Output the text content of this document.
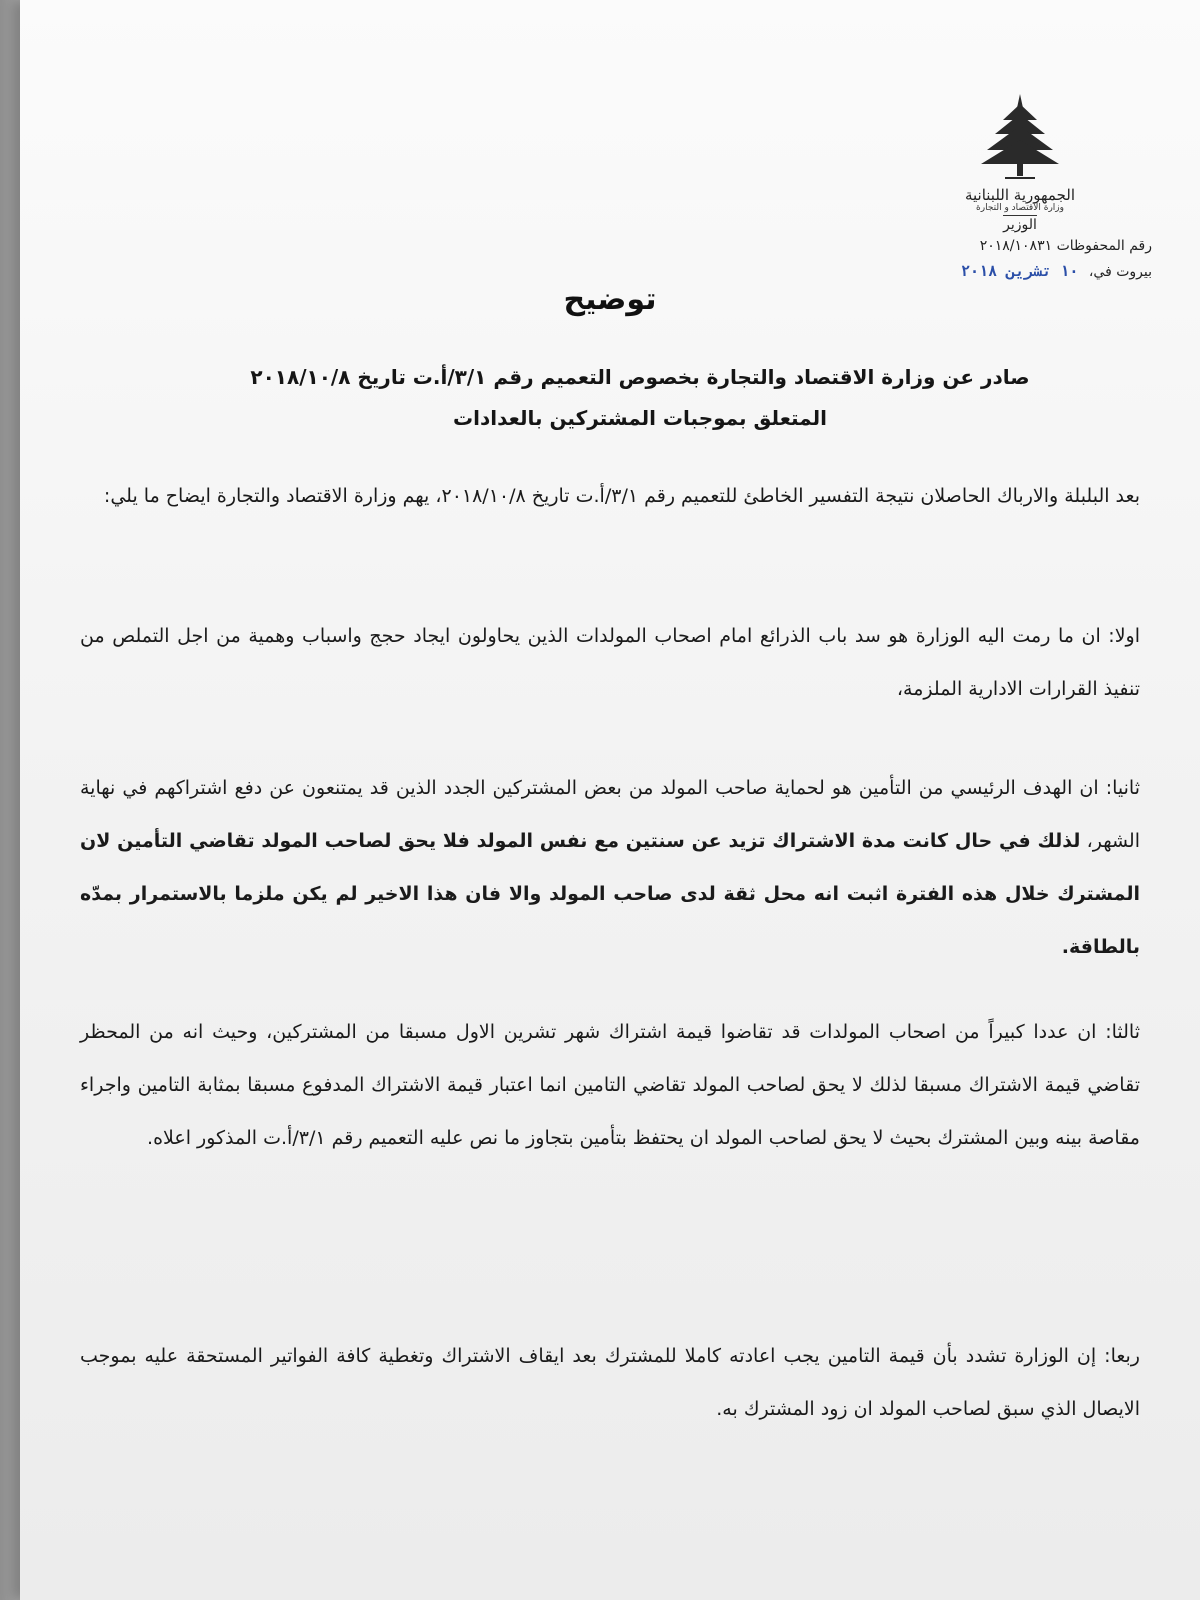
الجمهورية اللبنانية
وزارة الاقتصاد و التجارة
الوزير
رقم المحفوظات ٢٠١٨/١٠٨٣١
بيروت في، ١٠ تشرين ٢٠١٨
توضيح
صادر عن وزارة الاقتصاد والتجارة بخصوص التعميم رقم ٣/١/أ.ت تاريخ ٢٠١٨/١٠/٨
المتعلق بموجبات المشتركين بالعدادات
بعد البلبلة والارباك الحاصلان نتيجة التفسير الخاطئ للتعميم رقم ٣/١/أ.ت تاريخ ٢٠١٨/١٠/٨، يهم وزارة الاقتصاد والتجارة ايضاح ما يلي:
اولا: ان ما رمت اليه الوزارة هو سد باب الذرائع امام اصحاب المولدات الذين يحاولون ايجاد حجج واسباب وهمية من اجل التملص من تنفيذ القرارات الادارية الملزمة،
ثانيا: ان الهدف الرئيسي من التأمين هو لحماية صاحب المولد من بعض المشتركين الجدد الذين قد يمتنعون عن دفع اشتراكهم في نهاية الشهر، لذلك في حال كانت مدة الاشتراك تزيد عن سنتين مع نفس المولد فلا يحق لصاحب المولد تقاضي التأمين لان المشترك خلال هذه الفترة اثبت انه محل ثقة لدى صاحب المولد والا فان هذا الاخير لم يكن ملزما بالاستمرار بمدّه بالطاقة.
ثالثا: ان عددا كبيراً من اصحاب المولدات قد تقاضوا قيمة اشتراك شهر تشرين الاول مسبقا من المشتركين، وحيث انه من المحظر تقاضي قيمة الاشتراك مسبقا لذلك لا يحق لصاحب المولد تقاضي التامين انما اعتبار قيمة الاشتراك المدفوع مسبقا بمثابة التامين واجراء مقاصة بينه وبين المشترك بحيث لا يحق لصاحب المولد ان يحتفظ بتأمين بتجاوز ما نص عليه التعميم رقم ٣/١/أ.ت المذكور اعلاه.
ربعا: إن الوزارة تشدد بأن قيمة التامين يجب اعادته كاملا للمشترك بعد ايقاف الاشتراك وتغطية كافة الفواتير المستحقة عليه بموجب الايصال الذي سبق لصاحب المولد ان زود المشترك به.
